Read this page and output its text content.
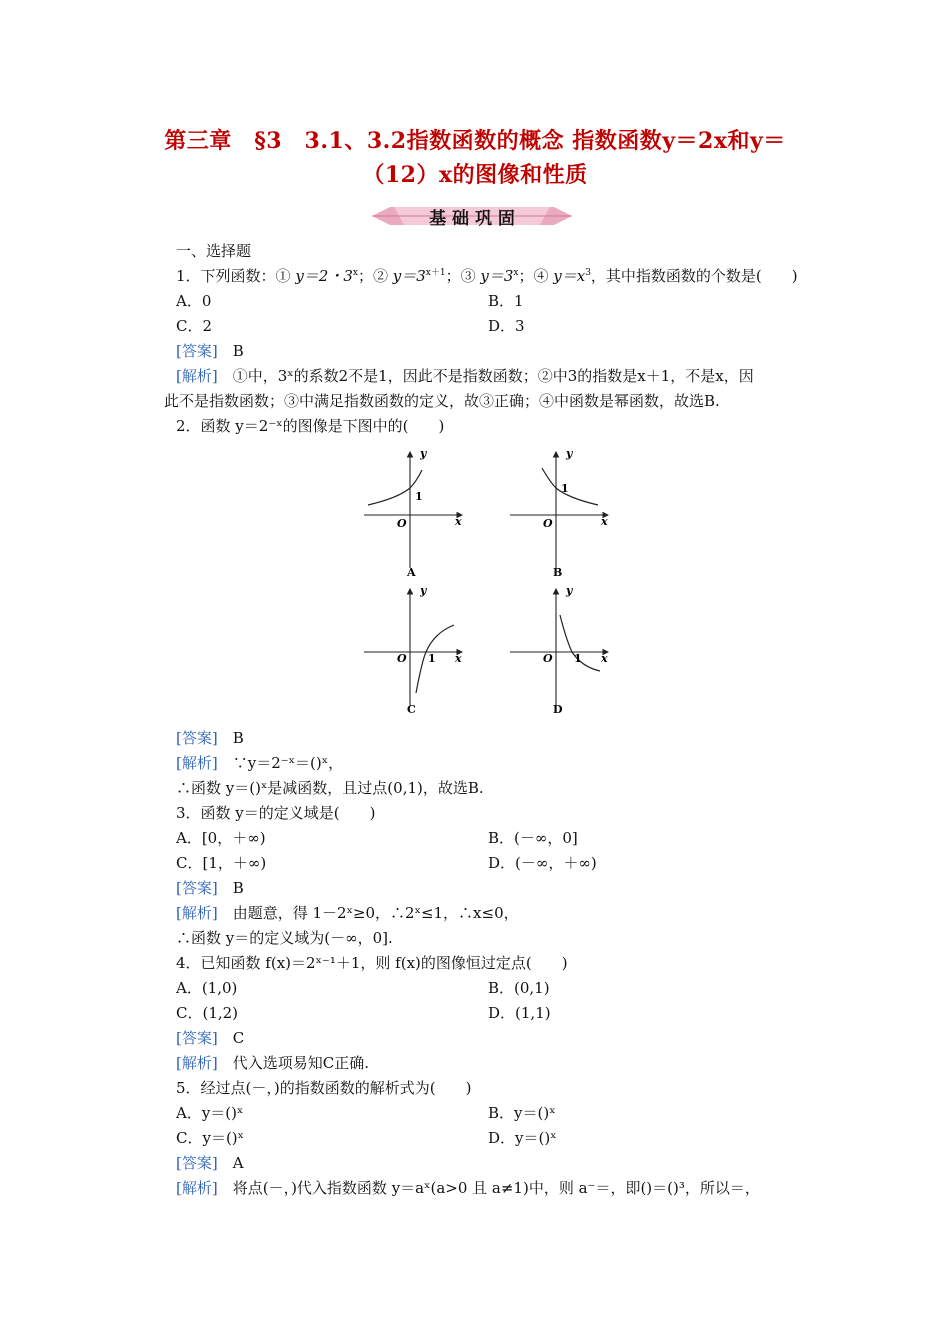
第三章　§3　3.1、3.2指数函数的概念 指数函数y＝2x和y＝
（12）x的图像和性质
基 础 巩 固
一、选择题
1．下列函数：① y＝2・3$^x$；② $y=3^{x+1}$；③ $y=3^x$；④ $y=x^3$，其中指数函数的个数是(　　)
A．0	B．1
C．2	D．3
[答案]　 B
[解析]　①中，3ˣ的系数2不是1，因此不是指数函数；②中3的指数是x＋1，不是x，因
此不是指数函数；③中满足指数函数的定义，故③正确；④中函数是幂函数，故选B.
2．函数 y＝2⁻ˣ的图像是下图中的(　　)
y
x
O
1
A
y
x
O
1
B
y
x
O 1
C
y
x
O 1
D
[答案]　 B
[解析]　∵y＝2⁻ˣ＝()ˣ，
∴函数 y＝()ˣ是减函数，且过点(0,1)，故选B.
3．函数 y＝的定义域是(　　)
A．[0，＋∞)	B．(－∞，0]
C．[1，＋∞)	D．(－∞，＋∞)
[答案]　 B
[解析]　由题意，得 1－2ˣ≥0，∴2ˣ≤1，∴x≤0，
∴函数 y＝的定义域为(－∞，0].
4．已知函数 f(x)＝2ˣ⁻¹＋1，则 f(x)的图像恒过定点(　　)
A．(1,0)	B．(0,1)
C．(1,2)	D．(1,1)
[答案]　 C
[解析]　代入选项易知C正确.
5．经过点(－，)的指数函数的解析式为(　　)
A．y＝()ˣ	B．y＝()ˣ
C．y＝()ˣ	D．y＝()ˣ
[答案]　 A
[解析]　将点(－，)代入指数函数 y＝aˣ(a>0 且 a≠1)中，则 a⁻＝，即()＝()³，所以＝，
